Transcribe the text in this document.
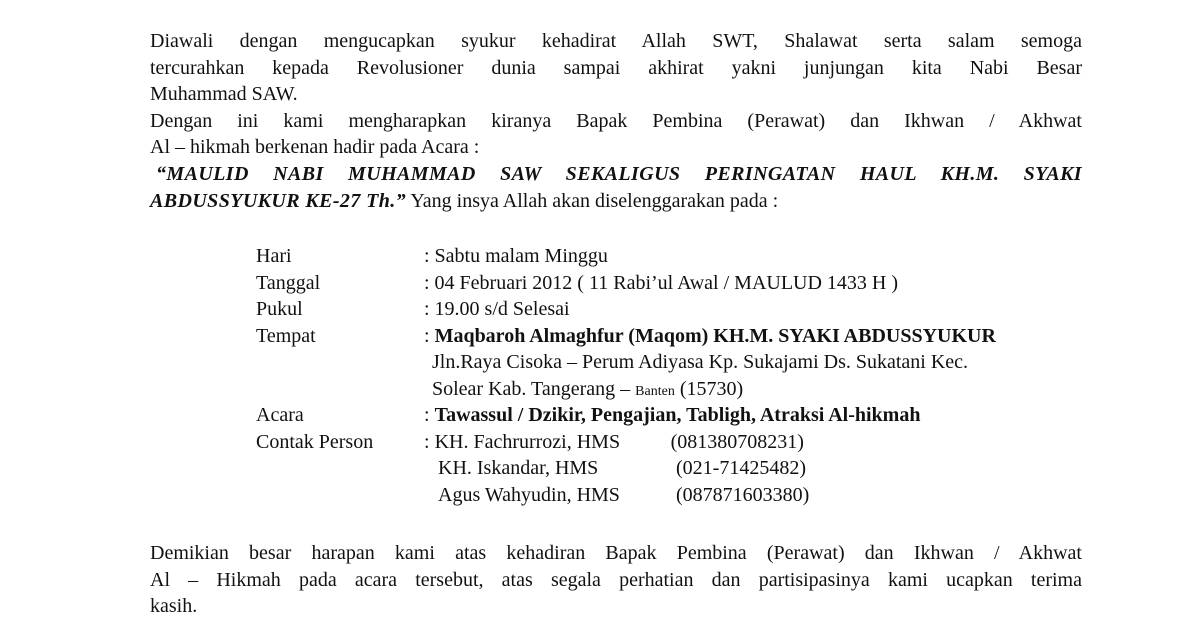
Diawali dengan mengucapkan syukur kehadirat Allah SWT, Shalawat serta salam semoga
tercurahkan kepada Revolusioner dunia sampai akhirat yakni junjungan kita Nabi Besar
Muhammad SAW.
Dengan ini kami mengharapkan kiranya Bapak Pembina (Perawat) dan Ikhwan / Akhwat
Al – hikmah berkenan hadir pada Acara :
“MAULID NABI MUHAMMAD SAW SEKALIGUS PERINGATAN HAUL KH.M. SYAKI
ABDUSSYUKUR KE-27 Th.” Yang insya Allah akan diselenggarakan pada :
Hari	: Sabtu malam Minggu
Tanggal	: 04 Februari 2012 ( 11 Rabi’ul Awal / MAULUD 1433 H )
Pukul	: 19.00 s/d Selesai
Tempat	: Maqbaroh Almaghfur (Maqom) KH.M. SYAKI ABDUSSYUKUR
Jln.Raya Cisoka – Perum Adiyasa Kp. Sukajami Ds. Sukatani Kec.
Solear Kab. Tangerang – Banten (15730)
Acara	: Tawassul / Dzikir, Pengajian, Tabligh, Atraksi Al-hikmah
Contak Person	: KH. Fachrurrozi, HMS	(081380708231)
KH. Iskandar, HMS	(021-71425482)
Agus Wahyudin, HMS	(087871603380)
Demikian besar harapan kami atas kehadiran Bapak Pembina (Perawat) dan Ikhwan / Akhwat
Al – Hikmah pada acara tersebut, atas segala perhatian dan partisipasinya kami ucapkan terima
kasih.
